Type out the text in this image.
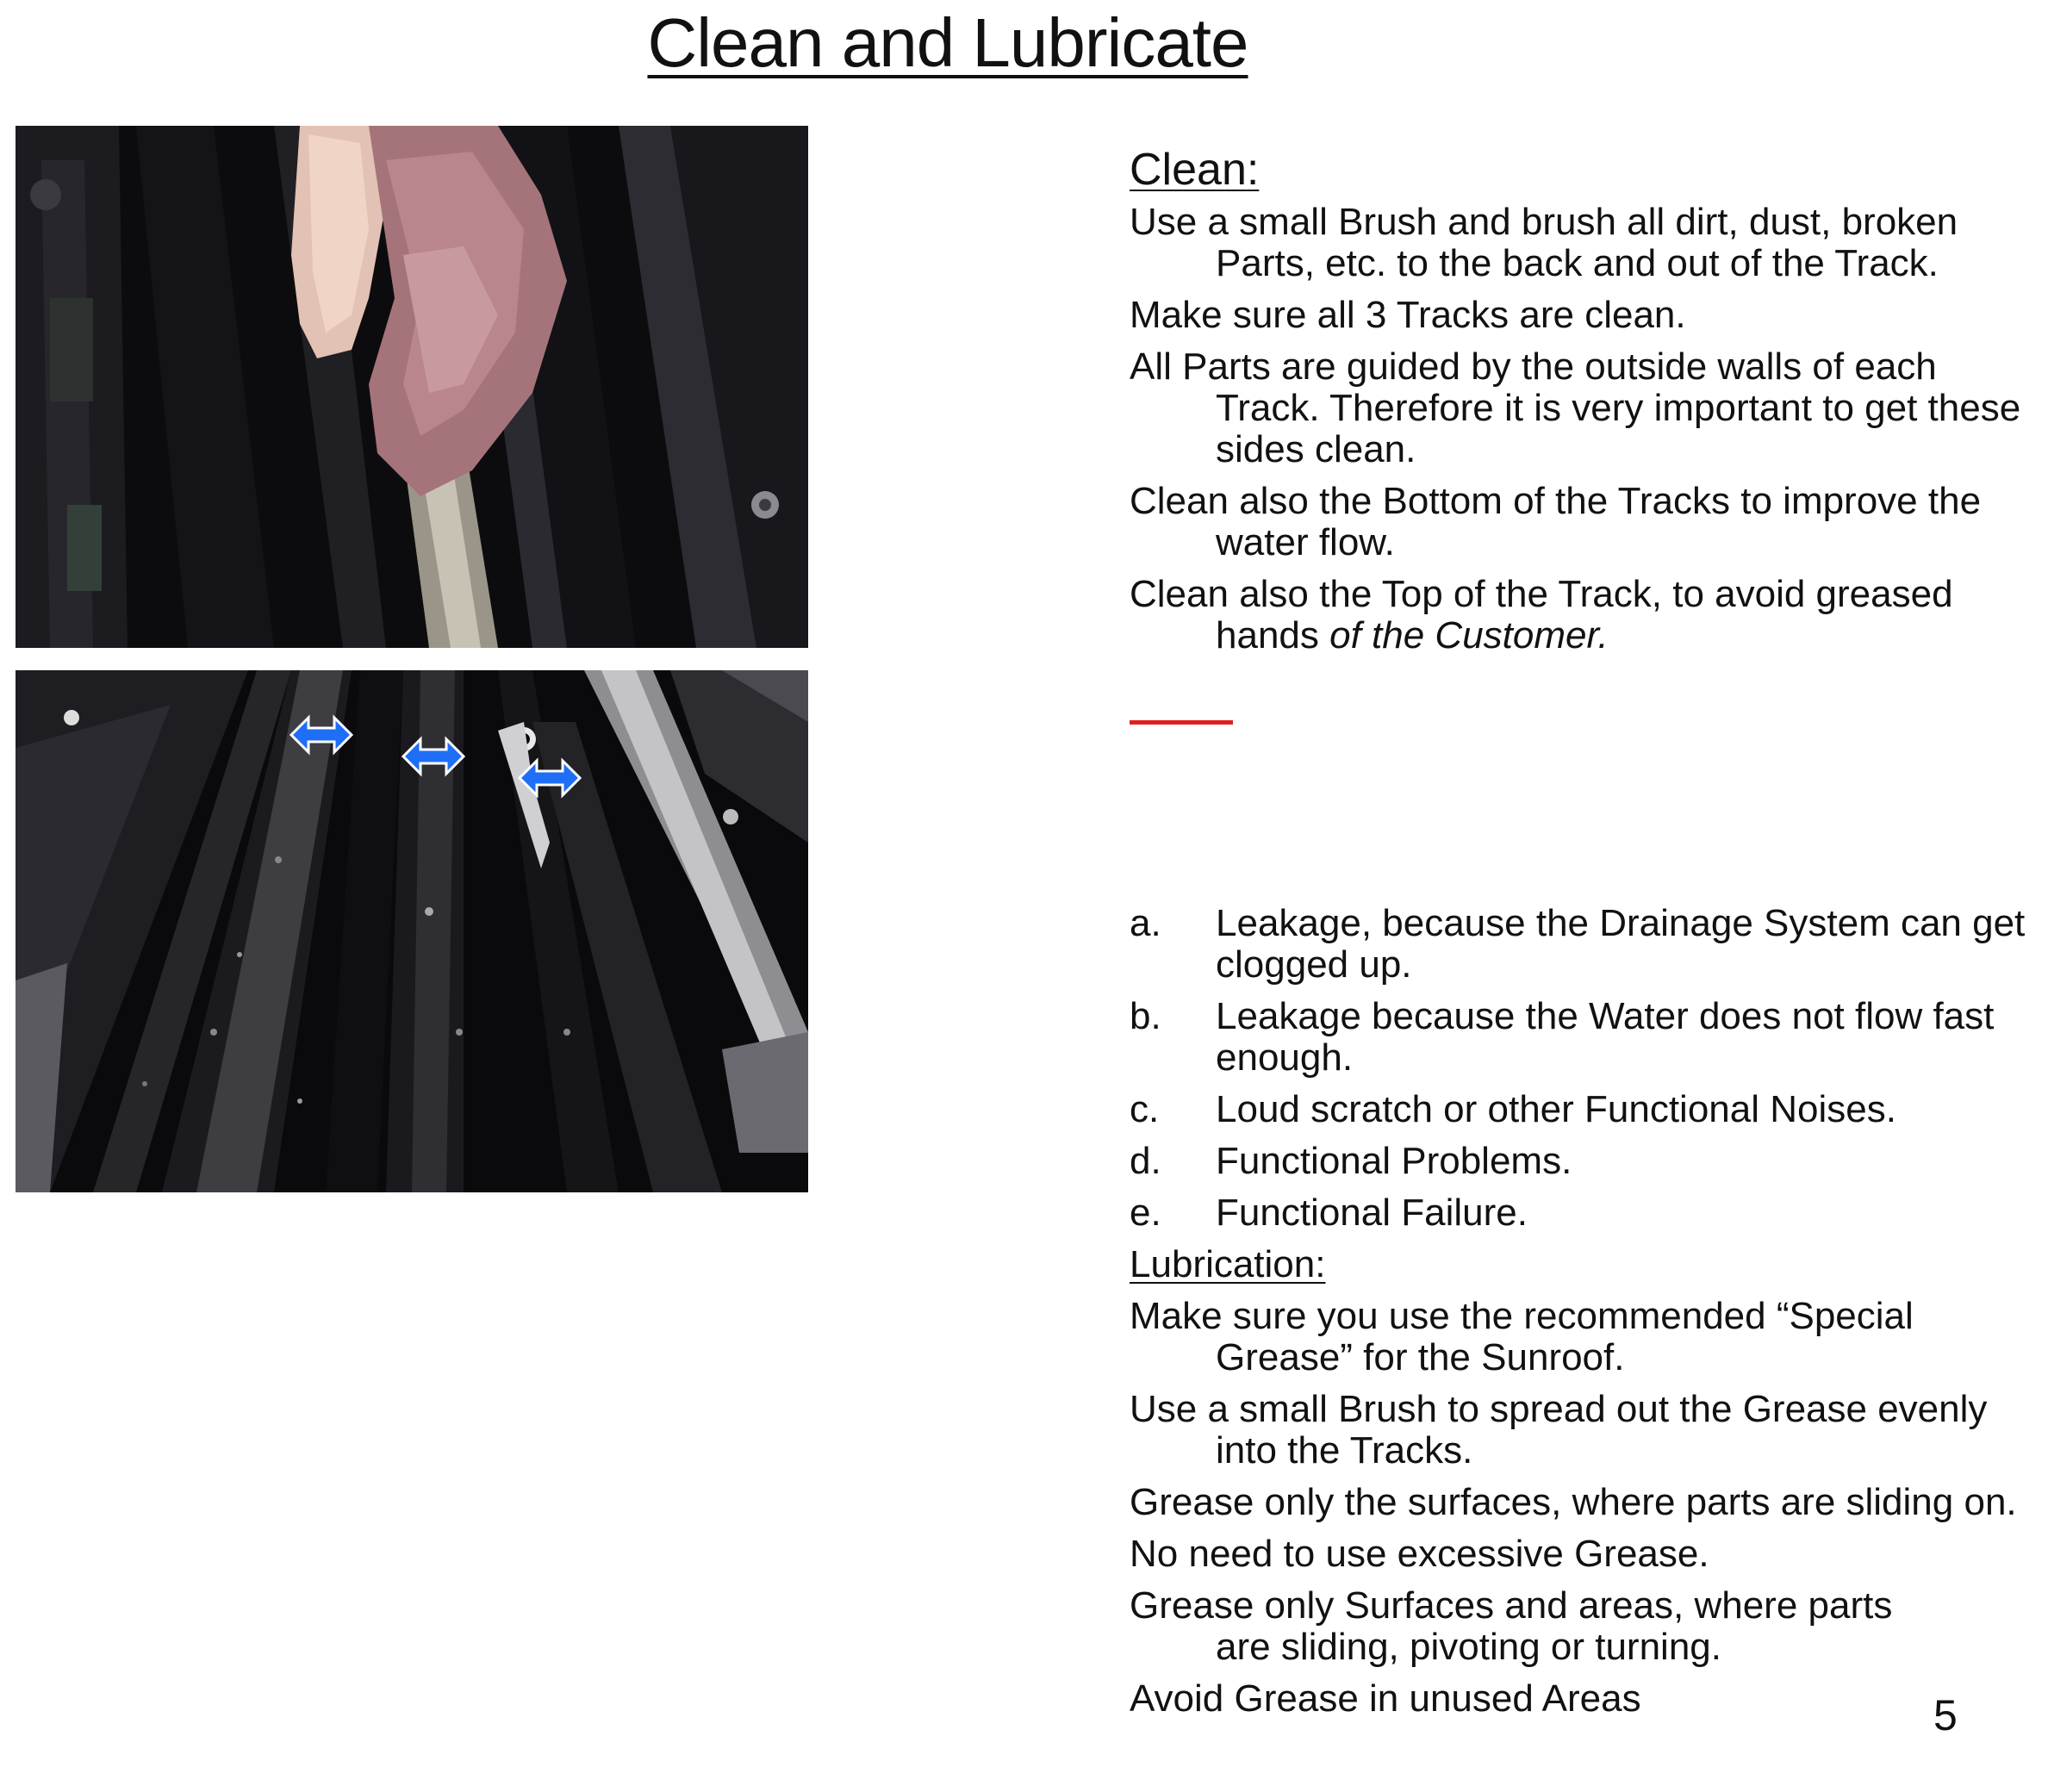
Clean and Lubricate
Clean:
Use a small Brush and brush all dirt, dust, broken Parts, etc. to the back and out of the Track.
Make sure all 3 Tracks are clean.
All Parts are guided by the outside walls of each Track. Therefore it is very important to get these sides clean.
Clean also the Bottom of the Tracks to improve the water flow.
Clean also the Top of the Track, to avoid greased hands of the Customer.
a.	Leakage, because the Drainage System can get clogged up.
b.	Leakage because the Water does not flow fast enough.
c.	Loud scratch or other Functional Noises.
d.	Functional Problems.
e.	Functional Failure.
Lubrication:
Make sure you use the recommended “Special Grease” for the Sunroof.
Use a small Brush to spread out the Grease evenly into the Tracks.
Grease only the surfaces, where parts are sliding on.
No need to use excessive Grease.
Grease only Surfaces and areas, where parts are sliding, pivoting or turning.
Avoid Grease in unused Areas	5
